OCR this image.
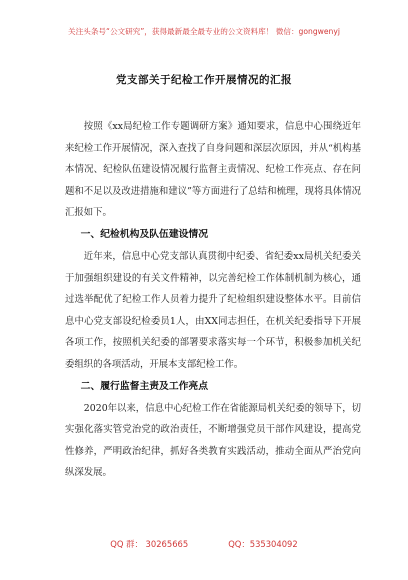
关注头条号“公文研究”，获得最新最全最专业的公文资料库！ 微信：gongwenyj
党支部关于纪检工作开展情况的汇报

按照《xx局纪检工作专题调研方案》通知要求，信息中心围绕近年来纪检工作开展情况，深入查找了自身问题和深层次原因，并从“机构基本情况、纪检队伍建设情况履行监督主责情况、纪检工作亮点、存在问题和不足以及改进措施和建议”等方面进行了总结和梳理，现将具体情况汇报如下。

一、纪检机构及队伍建设情况

近年来，信息中心党支部认真贯彻中纪委、省纪委xx局机关纪委关于加强组织建设的有关文件精神，以完善纪检工作体制机制为核心，通过选举配优了纪检工作人员着力提升了纪检组织建设整体水平。目前信息中心党支部设纪检委员1人，由XX同志担任，在机关纪委指导下开展各项工作，按照机关纪委的部署要求落实每一个环节，积极参加机关纪委组织的各项活动，开展本支部纪检工作。

二、履行监督主责及工作亮点

2020年以来，信息中心纪检工作在省能源局机关纪委的领导下，切实强化落实管党治党的政治责任，不断增强党员干部作风建设，提高党性修养，严明政治纪律，抓好各类教育实践活动，推动全面从严治党向纵深发展。

QQ 群： 30265665	QQ：535304092
